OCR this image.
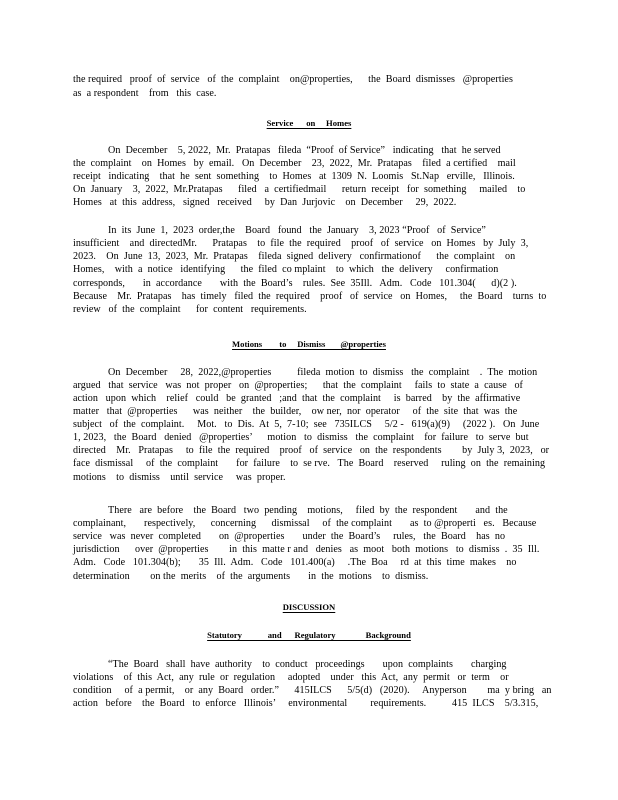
the required   proof  of  service   of  the  complaint    on@properties,      the  Board  dismisses   @properties
as  a respondent    from   this  case.
Service      on     Homes
On  December    5, 2022,  Mr.  Pratapas   fileda  “Proof  of Service”   indicating   that  he served
the  complaint    on  Homes   by  email.   On  December    23,  2022,  Mr.  Pratapas    filed  a certified    mail
receipt   indicating    that  he  sent  something    to  Homes   at  1309  N.  Loomis   St.Nap   erville,   Illinois.
On  January    3,  2022,  Mr.Pratapas      filed   a  certifiedmail      return  receipt   for  something     mailed    to
Homes   at  this  address,   signed   received     by  Dan  Jurjovic    on  December     29,  2022.
In  its  June  1,  2023  order,the    Board   found   the  January    3, 2023 “Proof   of  Service”
insufficient    and  directedMr.      Pratapas    to  file  the  required    proof   of  service   on  Homes   by  July  3,
2023.    On  June  13,  2023,  Mr.  Pratapas    fileda  signed  delivery   confirmationof      the  complaint    on
Homes,    with  a  notice   identifying      the  filed  co mplaint    to  which   the  delivery     confirmation
corresponds,       in  accordance       with  the  Board’s    rules.  See  35Ill.   Adm.   Code   101.304(      d)(2 ).
Because    Mr.  Pratapas    has  timely   filed  the  required    proof   of  service   on  Homes,     the  Board    turns  to
review   of  the  complaint      for  content   requirements.
Motions        to     Dismiss       @properties
On  December     28,  2022,@properties          fileda  motion  to  dismiss   the  complaint    .  The  motion
argued   that  service   was  not  proper   on  @properties;      that  the  complaint     fails  to  state  a  cause   of
action   upon  which    relief   could   be  granted   ;and  that  the  complaint     is  barred    by  the  affirmative
matter   that  @properties      was  neither    the  builder,    ow ner,  nor  operator     of  the  site  that  was  the
subject   of  the  complaint.     Mot.   to  Dis.  At  5,  7-10;  see   735ILCS     5/2 -   619(a)(9)     (2022 ).   On  June
1, 2023,   the  Board   denied   @properties’      motion   to  dismiss   the  complaint    for  failure   to  serve  but
directed    Mr.   Pratapas     to  file  the  required    proof   of  service   on  the  respondents        by  July 3,  2023,   or
face  dismissal     of  the  complaint       for  failure    to  se rve.   The  Board    reserved     ruling  on  the  remaining
motions    to  dismiss    until  service     was  proper.
There   are  before    the  Board   two  pending    motions,     filed  by  the  respondent       and  the
complainant,       respectively,      concerning      dismissal     of  the complaint       as  to @properti   es.   Because
service   was  never  completed       on  @properties       under  the  Board’s     rules,   the  Board    has  no
jurisdiction      over  @properties        in  this  matte r and   denies   as  moot   both  motions   to  dismiss  .  35  Ill.
Adm.   Code   101.304(b);       35  Ill.  Adm.   Code   101.400(a)     .The  Boa     rd  at  this  time  makes    no
determination        on the  merits    of  the  arguments       in  the  motions    to  dismiss.
DISCUSSION
Statutory            and      Regulatory              Background
“The  Board   shall  have  authority    to  conduct   proceedings       upon  complaints       charging
violations    of  this  Act,  any  rule  or  regulation     adopted    under   this  Act,  any  permit   or  term    or
condition     of  a permit,    or  any  Board   order.”      415ILCS      5/5(d)   (2020).     Anyperson        ma  y bring   an
action   before    the  Board   to  enforce   Illinois’     environmental         requirements.          415  ILCS    5/3.315,
